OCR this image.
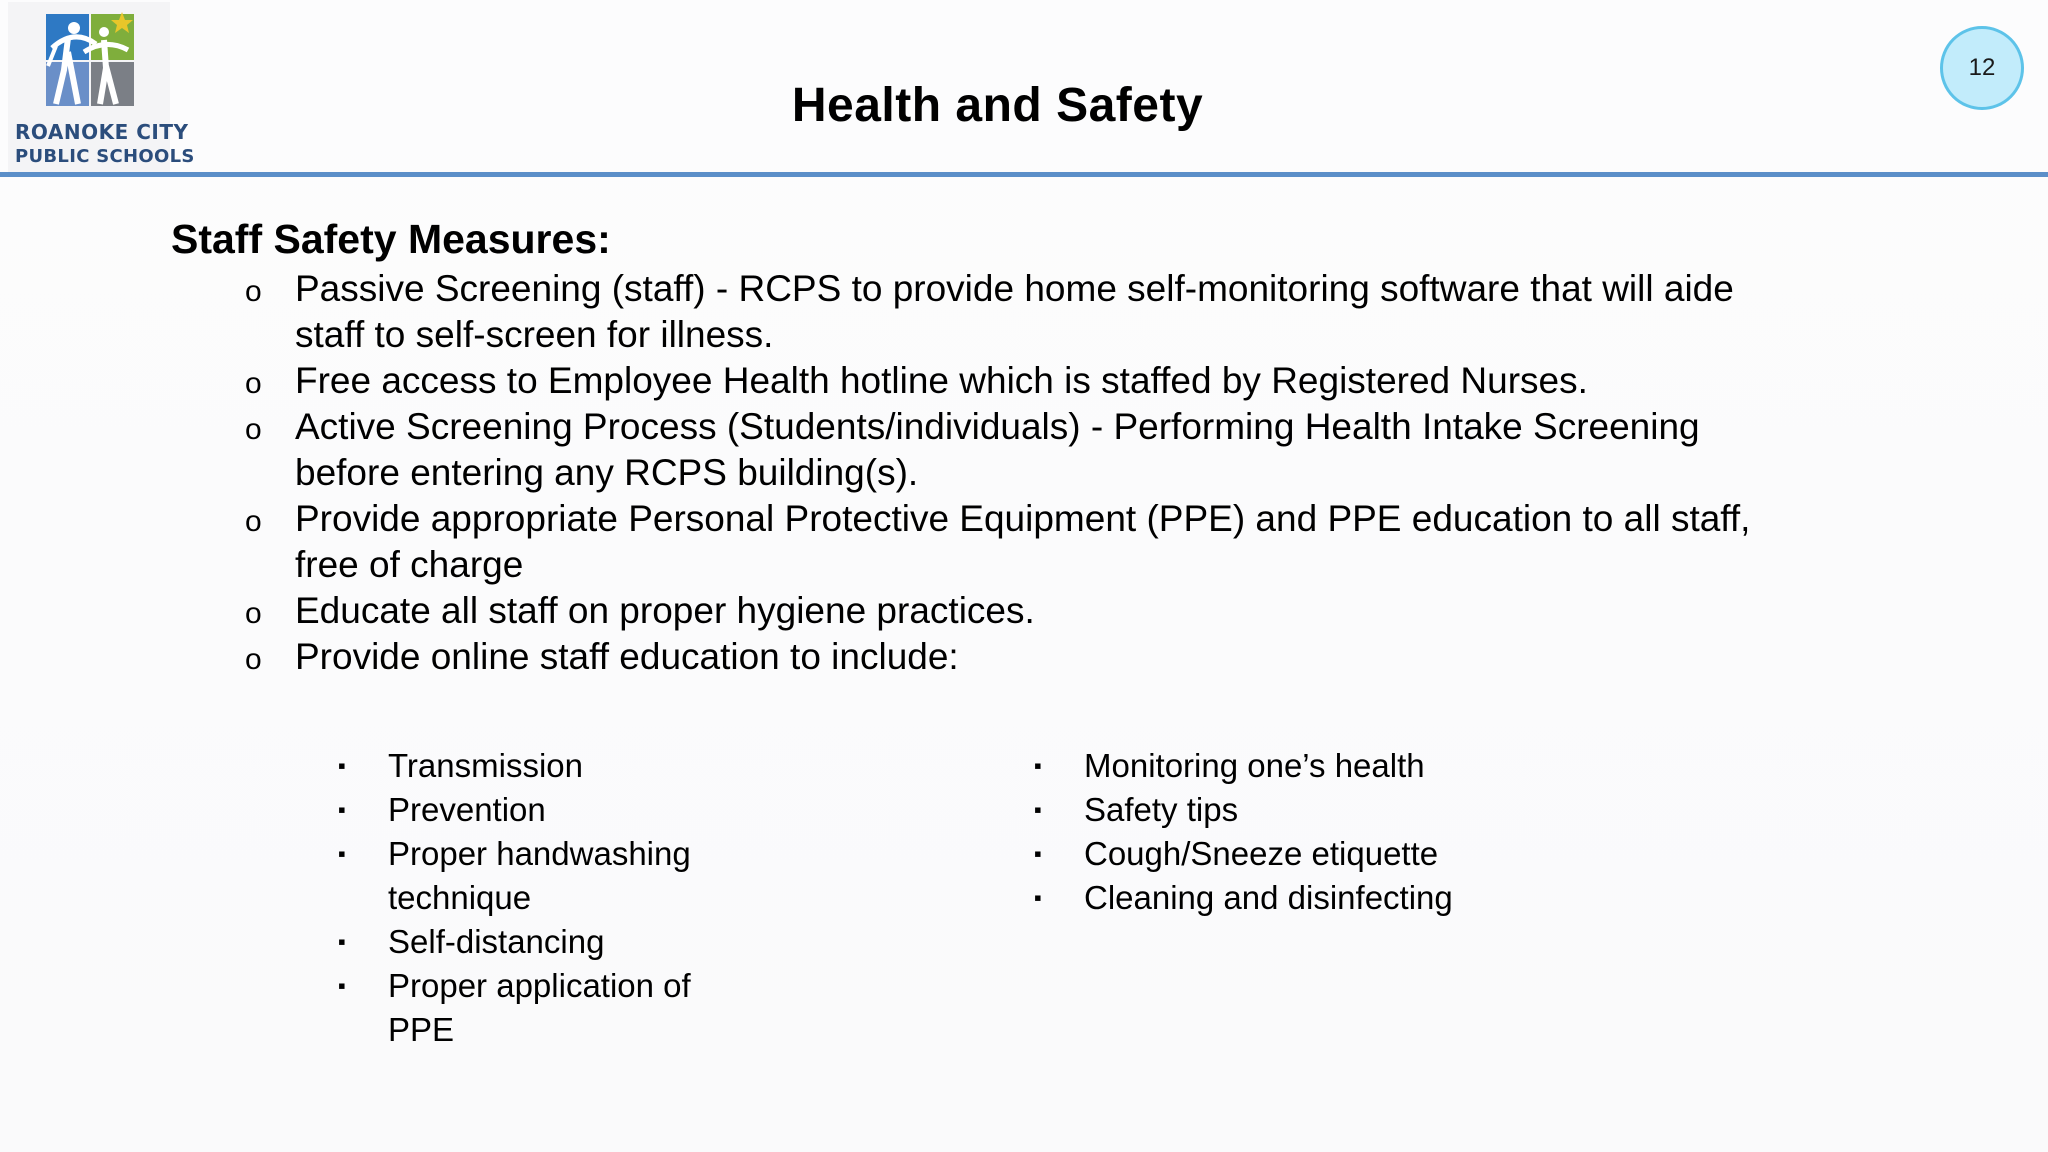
ROANOKE CITY
PUBLIC SCHOOLS
Health and Safety
12
Staff Safety Measures:
o Passive Screening (staff) - RCPS to provide home self-monitoring software that will aide staff to self-screen for illness.
o Free access to Employee Health hotline which is staffed by Registered Nurses.
o Active Screening Process (Students/individuals) - Performing Health Intake Screening before entering any RCPS building(s).
o Provide appropriate Personal Protective Equipment (PPE) and PPE education to all staff, free of charge
o Educate all staff on proper hygiene practices.
o Provide online staff education to include:
▪ Transmission
▪ Prevention
▪ Proper handwashing technique
▪ Self-distancing
▪ Proper application of PPE
▪ Monitoring one’s health
▪ Safety tips
▪ Cough/Sneeze etiquette
▪ Cleaning and disinfecting
